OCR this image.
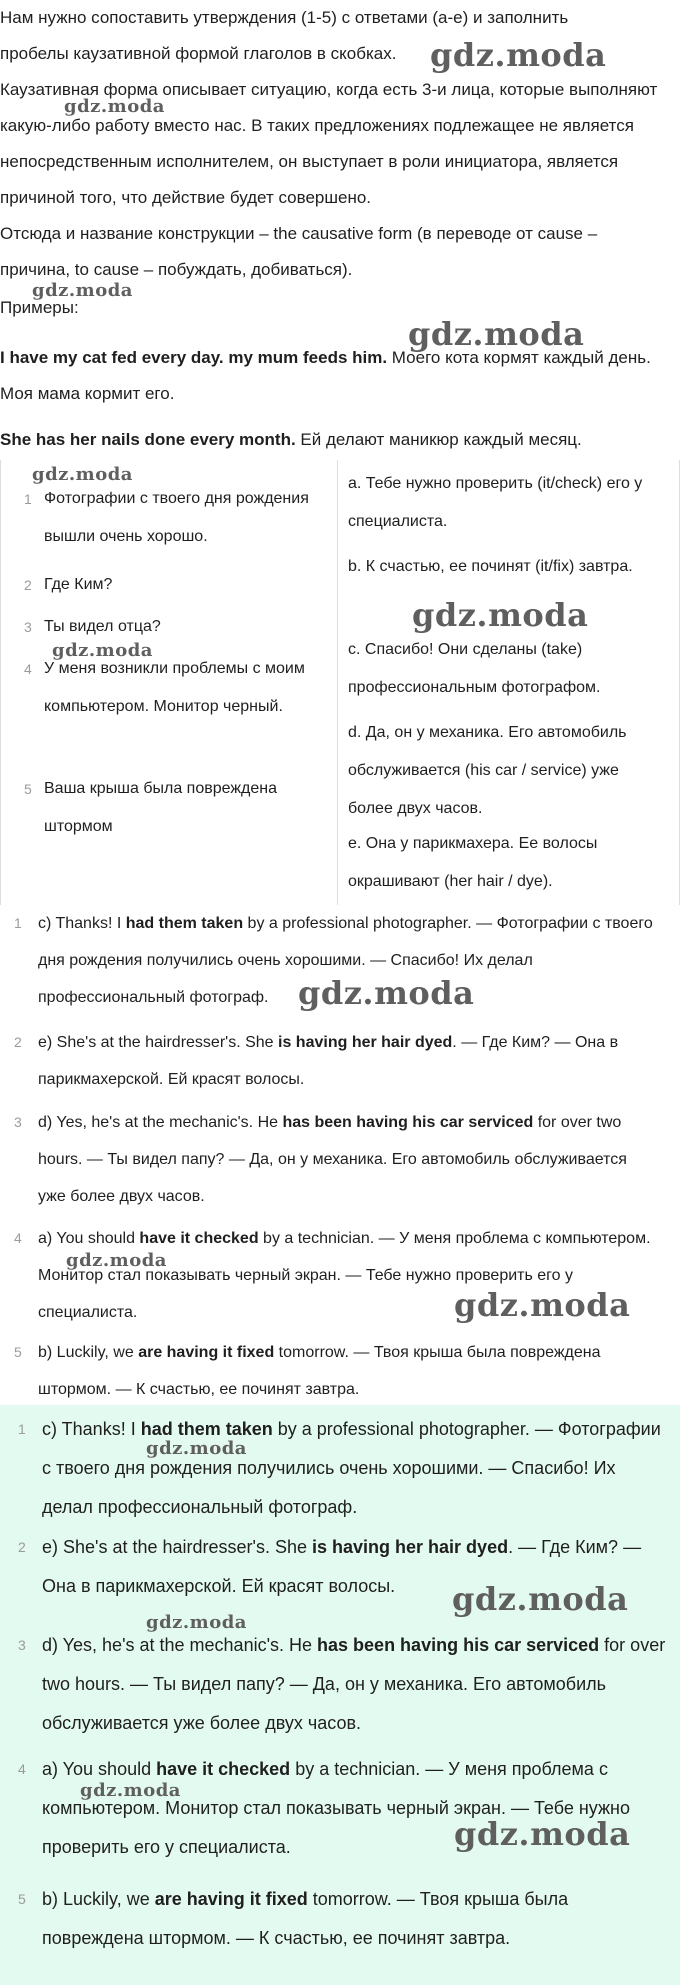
Нам нужно сопоставить утверждения (1-5) с ответами (a-e) и заполнить пробелы каузативной формой глаголов в скобках.

Каузативная форма описывает ситуацию, когда есть 3-и лица, которые выполняют какую-либо работу вместо нас. В таких предложениях подлежащее не является непосредственным исполнителем, он выступает в роли инициатора, является причиной того, что действие будет совершено.

Отсюда и название конструкции – the causative form (в переводе от cause – причина, to cause – побуждать, добиваться).

Примеры:
I have my cat fed every day. my mum feeds him. Моего кота кормят каждый день. Моя мама кормит его.
She has her nails done every month. Ей делают маникюр каждый месяц.

1 Фотографии с твоего дня рождения вышли очень хорошо.
2 Где Ким?
3 Ты видел отца?
4 У меня возникли проблемы с моим компьютером. Монитор черный.
5 Ваша крыша была повреждена штормом
a. Тебе нужно проверить (it/check) его у специалиста.
b. К счастью, ее починят (it/fix) завтра.
c. Спасибо! Они сделаны (take) профессиональным фотографом.
d. Да, он у механика. Его автомобиль обслуживается (his car / service) уже более двух часов.
e. Она у парикмахера. Ее волосы окрашивают (her hair / dye).
1 c) Thanks! I had them taken by a professional photographer. — Фотографии с твоего дня рождения получились очень хорошими. — Спасибо! Их делал профессиональный фотограф.
2 e) She's at the hairdresser's. She is having her hair dyed. — Где Ким? — Она в парикмахерской. Ей красят волосы.
3 d) Yes, he's at the mechanic's. He has been having his car serviced for over two hours. — Ты видел папу? — Да, он у механика. Его автомобиль обслуживается уже более двух часов.
4 a) You should have it checked by a technician. — У меня проблема с компьютером. Монитор стал показывать черный экран. — Тебе нужно проверить его у специалиста.
5 b) Luckily, we are having it fixed tomorrow. — Твоя крыша была повреждена штормом. — К счастью, ее починят завтра.
1 c) Thanks! I had them taken by a professional photographer. — Фотографии с твоего дня рождения получились очень хорошими. — Спасибо! Их делал профессиональный фотограф.
2 e) She's at the hairdresser's. She is having her hair dyed. — Где Ким? — Она в парикмахерской. Ей красят волосы.
3 d) Yes, he's at the mechanic's. He has been having his car serviced for over two hours. — Ты видел папу? — Да, он у механика. Его автомобиль обслуживается уже более двух часов.
4 a) You should have it checked by a technician. — У меня проблема с компьютером. Монитор стал показывать черный экран. — Тебе нужно проверить его у специалиста.
5 b) Luckily, we are having it fixed tomorrow. — Твоя крыша была повреждена штормом. — К счастью, ее починят завтра.
gdz.moda
gdz.moda
gdz.moda
gdz.moda
gdz.moda
gdz.moda
gdz.moda
gdz.moda
gdz.moda
gdz.moda
gdz.moda
gdz.moda
gdz.moda
gdz.moda
gdz.moda
